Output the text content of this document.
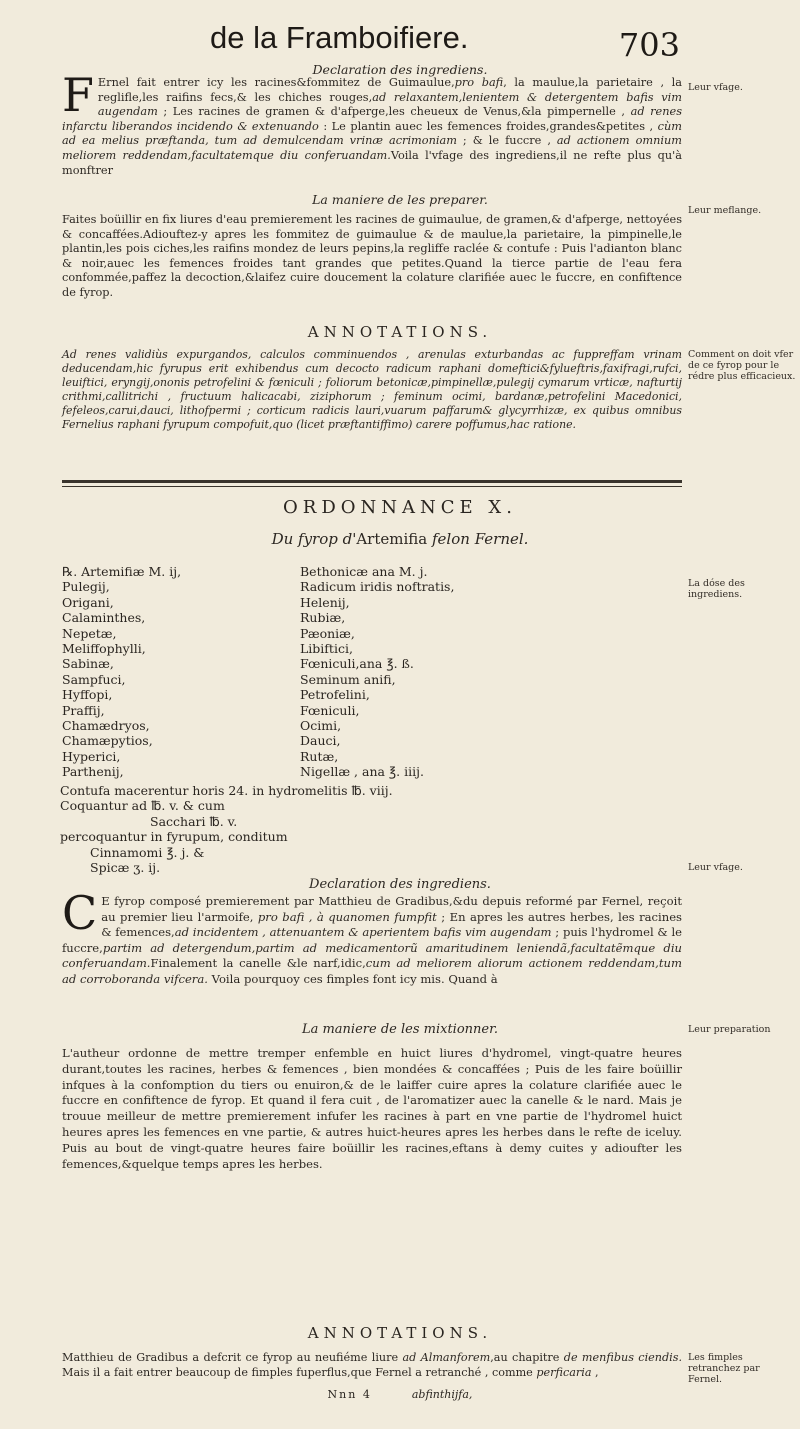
de la Framboifiere.	703
Declaration des ingrediens.
F Ernel fait entrer icy les racines&fommitez de Guimaulue,pro bafi, la maulue,la parietaire , la reglifle,les raifins fecs,& les chiches rouges,ad relaxantem,lenientem & detergentem bafis vim augendam ; Les racines de gramen & d'afperge,les cheueux de Venus,&la pimpernelle , ad renes infarctu liberandos incidendo & extenuando : Le plantin auec les femences froides,grandes&petites , cùm ad ea melius præftanda, tum ad demulcendam vrinæ acrimoniam ; & le fuccre , ad actionem omnium meliorem reddendam,facultatemque diu conferuandam.Voila l'vfage des ingrediens,il ne refte plus qu'à monftrer
Leur vfage.
La maniere de les preparer.
Faites boüillir en fix liures d'eau premierement les racines de guimaulue, de gramen,& d'afperge, nettoyées & concaffées.Adiouftez-y apres les fommitez de guimaulue & de maulue,la parietaire, la pimpinelle,le plantin,les pois ciches,les raifins mondez de leurs pepins,la regliffe raclée & contufe : Puis l'adianton blanc & noir,auec les femences froides tant grandes que petites.Quand la tierce partie de l'eau fera confommée,paffez la decoction,&laifez cuire doucement la colature clarifiée auec le fuccre, en confiftence de fyrop.
Leur meflange.
ANNOTATIONS.
Ad renes validiùs expurgandos, calculos comminuendos , arenulas exturbandas ac fuppreffam vrinam deducendam,hic fyrupus erit exhibendus cum decocto radicum raphani domeftici&fylueftris,faxifragi,rufci, leuiftici, eryngij,ononis petrofelini & fœniculi ; foliorum betonicæ,pimpinellæ,pulegij cymarum vrticæ, nafturtij crithmi,callitrichi , fructuum halicacabi, ziziphorum ; feminum ocimi, bardanæ,petrofelini Macedonici, fefeleos,carui,dauci, lithofpermi ; corticum radicis lauri,vuarum paffarum& glycyrrhizæ, ex quibus omnibus Fernelius raphani fyrupum compofuit,quo (licet præftantiffimo) carere poffumus,hac ratione.
Comment on doit vfer de ce fyrop pour le rédre plus efficacieux.
ORDONNANCE X.
Du fyrop d'Artemifia felon Fernel.
℞. Artemifiæ M. ij,
Pulegij,
Origani,
Calaminthes,
Nepetæ,
Meliffophylli,
Sabinæ,
Sampfuci,
Hyffopi,
Praffij,
Chamædryos,
Chamæpytios,
Hyperici,
Parthenij,
Bethonicæ ana M. j.
Radicum iridis noftratis,
Helenij,
Rubiæ,
Pæoniæ,
Libiftici,
Fœniculi,ana ℥. ß.
Seminum anifi,
Petrofelini,
Fœniculi,
Ocimi,
Dauci,
Rutæ,
Nigellæ , ana ℥. iiij.
La dóse des ingrediens.
Contufa macerentur horis 24. in hydromelitis ℔. viij.
Coquantur ad ℔. v. & cum
Sacchari ℔. v.
percoquantur in fyrupum, conditum
Cinnamomi ℥. j. &
Spicæ ʒ. ij.
Declaration des ingrediens.
C E fyrop composé premierement par Matthieu de Gradibus,&du depuis reformé par Fernel, reçoit au premier lieu l'armoife, pro bafi , à quanomen fumpfit ; En apres les autres herbes, les racines & femences,ad incidentem , attenuantem & aperientem bafis vim augendam ; puis l'hydromel & le fuccre,partim ad detergendum,partim ad medicamentorũ amaritudinem leniendã,facultatẽmque diu conferuandam.Finalement la canelle &le narf,idic,cum ad meliorem aliorum actionem reddendam,tum ad corroboranda vifcera. Voila pourquoy ces fimples font icy mis. Quand à
Leur vfage.
La maniere de les mixtionner.
L'autheur ordonne de mettre tremper enfemble en huict liures d'hydromel, vingt-quatre heures durant,toutes les racines, herbes & femences , bien mondées & concaffées ; Puis de les faire boüillir infques à la confomption du tiers ou enuiron,& de le laiffer cuire apres la colature clarifiée auec le fuccre en confiftence de fyrop. Et quand il fera cuit , de l'aromatizer auec la canelle & le nard. Mais je trouue meilleur de mettre premierement infufer les racines à part en vne partie de l'hydromel huict heures apres les femences en vne partie, & autres huict-heures apres les herbes dans le refte de iceluy. Puis au bout de vingt-quatre heures faire boüillir les racines,eftans à demy cuites y adioufter les femences,&quelque temps apres les herbes.
Leur preparation
ANNOTATIONS.
Matthieu de Gradibus a defcrit ce fyrop au neufiéme liure ad Almanforem,au chapitre de menfibus ciendis. Mais il a fait entrer beaucoup de fimples fuperflus,que Fernel a retranché , comme perficaria ,
Les fimples retranchez par Fernel.
Nnn 4	abfinthijfa,
